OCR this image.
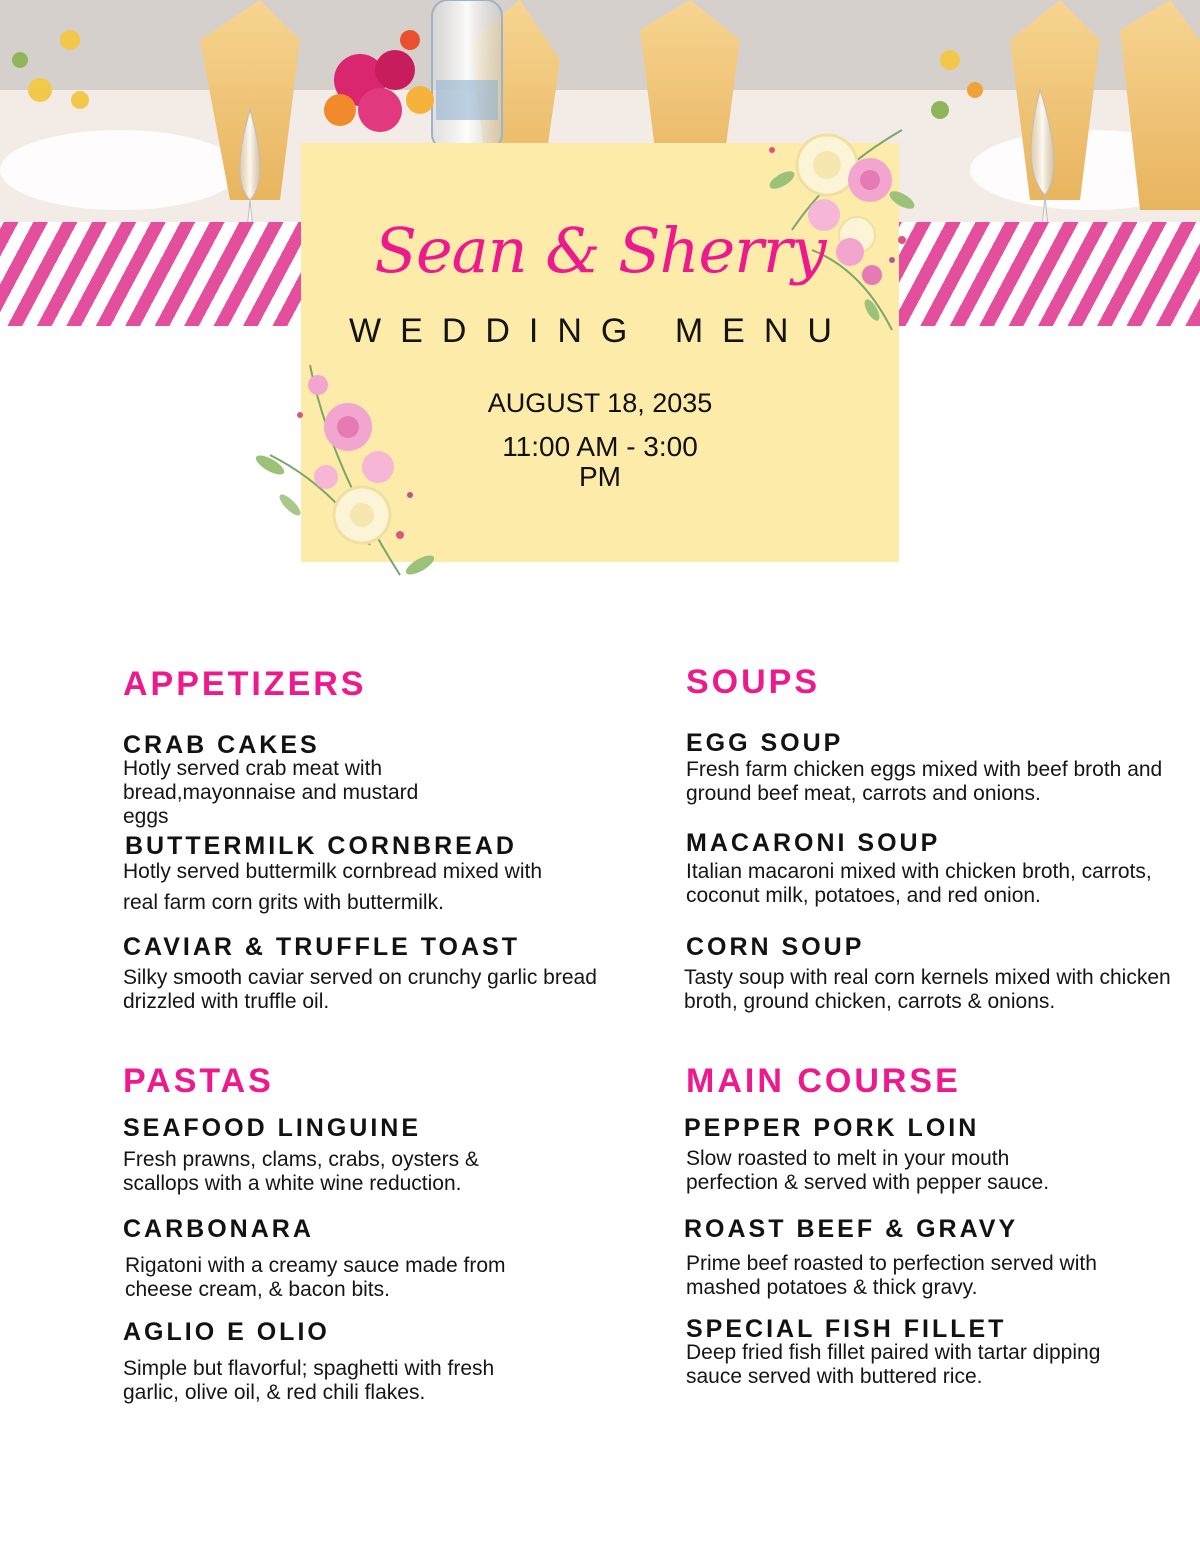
Sean & Sherry
WEDDING MENU
AUGUST 18, 2035
11:00 AM - 3:00 PM
APPETIZERS
CRAB CAKES
Hotly served crab meat with bread,mayonnaise and mustard eggs
BUTTERMILK CORNBREAD
Hotly served buttermilk cornbread mixed with real farm corn grits with buttermilk.
CAVIAR & TRUFFLE TOAST
Silky smooth caviar served on crunchy garlic bread drizzled with truffle oil.
SOUPS
EGG SOUP
Fresh farm chicken eggs mixed with beef broth and ground beef meat, carrots and onions.
MACARONI SOUP
Italian macaroni mixed with chicken broth, carrots, coconut milk, potatoes, and red onion.
CORN SOUP
Tasty soup with real corn kernels mixed with chicken broth, ground chicken, carrots & onions.
PASTAS
SEAFOOD LINGUINE
Fresh prawns, clams, crabs, oysters & scallops with a white wine reduction.
CARBONARA
Rigatoni with a creamy sauce made from cheese cream, & bacon bits.
AGLIO E OLIO
Simple but flavorful; spaghetti with fresh garlic, olive oil, & red chili flakes.
MAIN COURSE
PEPPER PORK LOIN
Slow roasted to melt in your mouth perfection & served with pepper sauce.
ROAST BEEF & GRAVY
Prime beef roasted to perfection served with mashed potatoes & thick gravy.
SPECIAL FISH FILLET
Deep fried fish fillet paired with tartar dipping sauce served with buttered rice.
